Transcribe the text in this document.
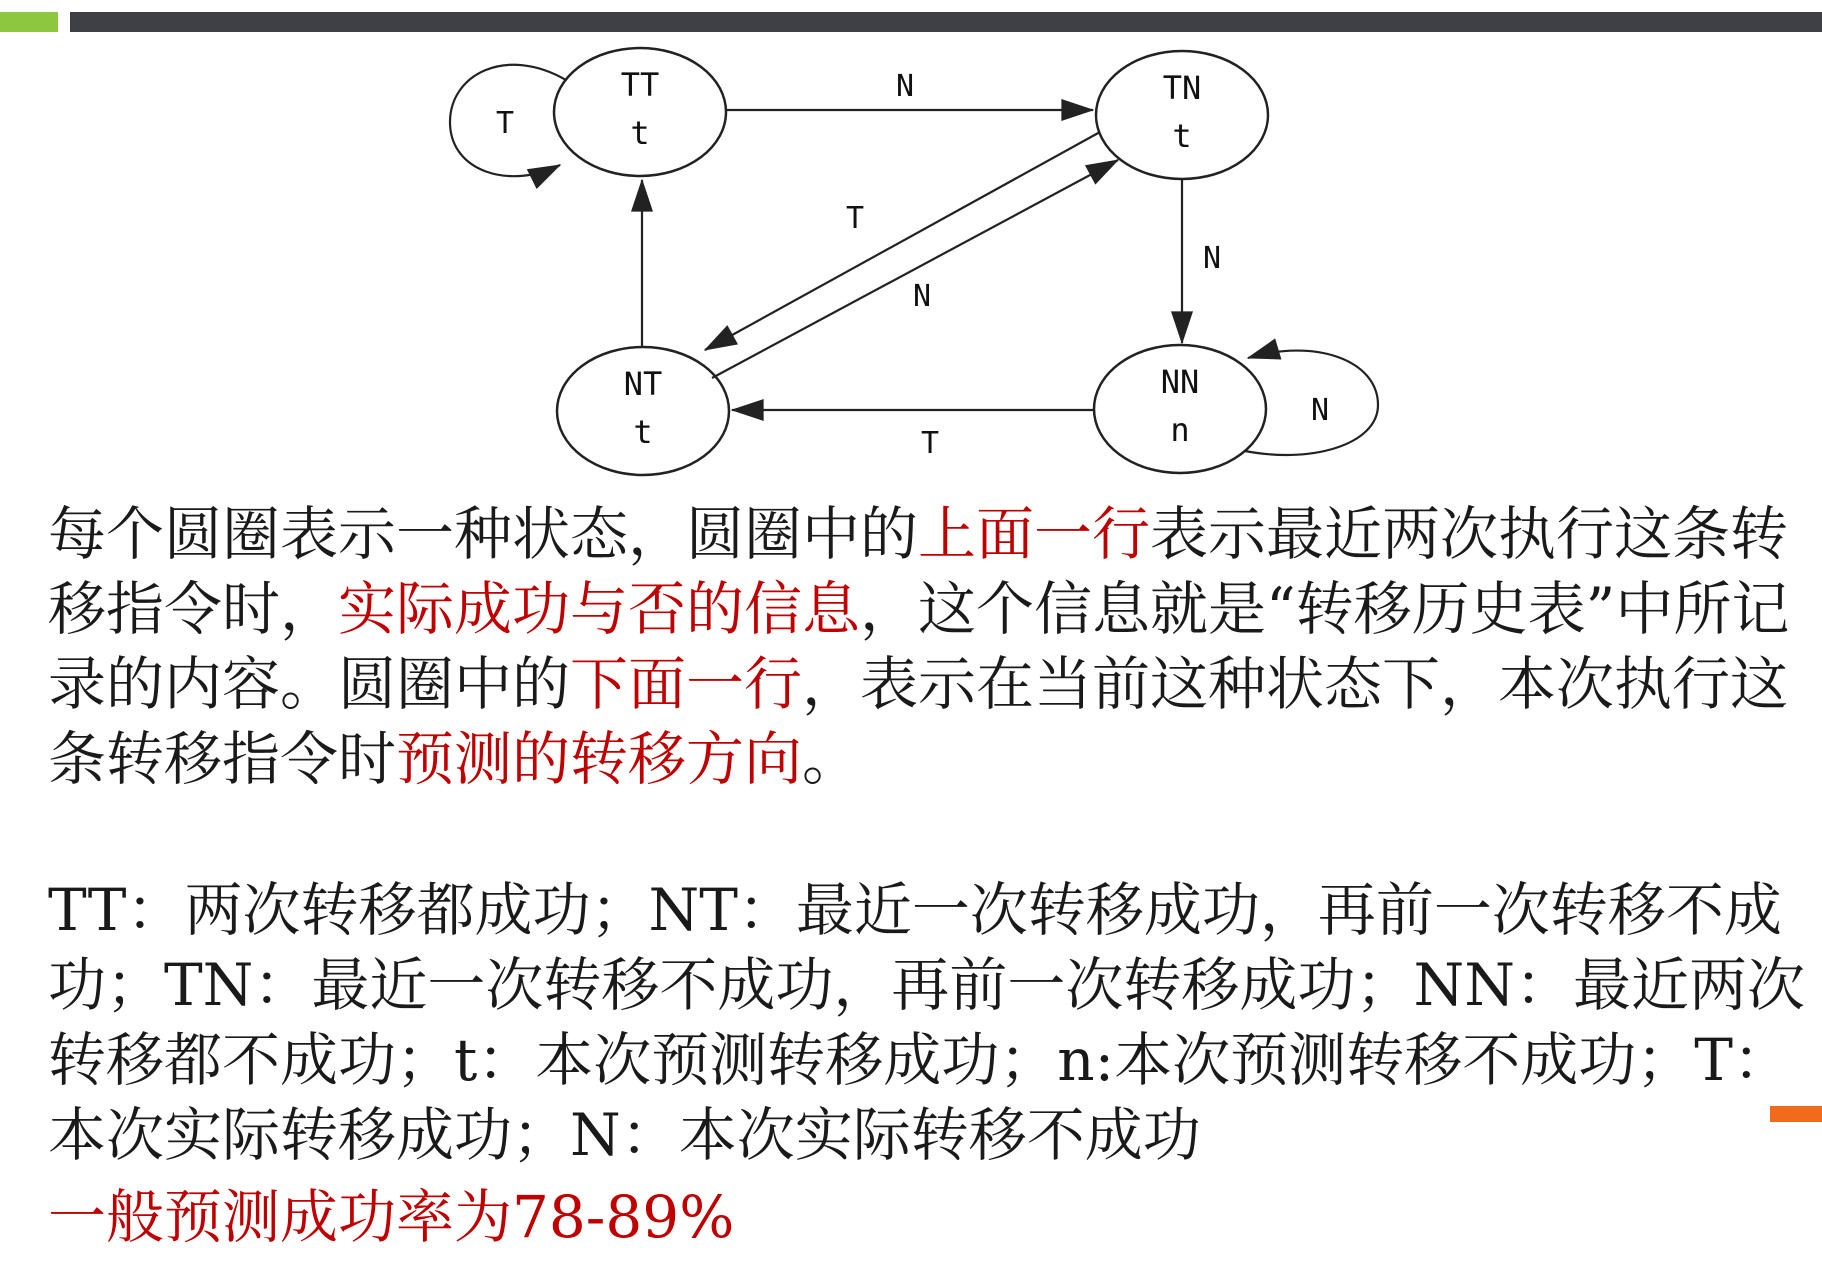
T
N
TT
t
TN
t
NT
t
NN
n
N
T
N
N
T

每个圆圈表示一种状态，圆圈中的上面一行表示最近两次执行这条转移指令时，实际成功与否的信息，这个信息就是“转移历史表”中所记录的内容。圆圈中的下面一行，表示在当前这种状态下，本次执行这条转移指令时预测的转移方向。

TT：两次转移都成功；NT：最近一次转移成功，再前一次转移不成功；TN：最近一次转移不成功，再前一次转移成功；NN：最近两次转移都不成功；t：本次预测转移成功；n:本次预测转移不成功；T：本次实际转移成功；N：本次实际转移不成功

一般预测成功率为78-89%
